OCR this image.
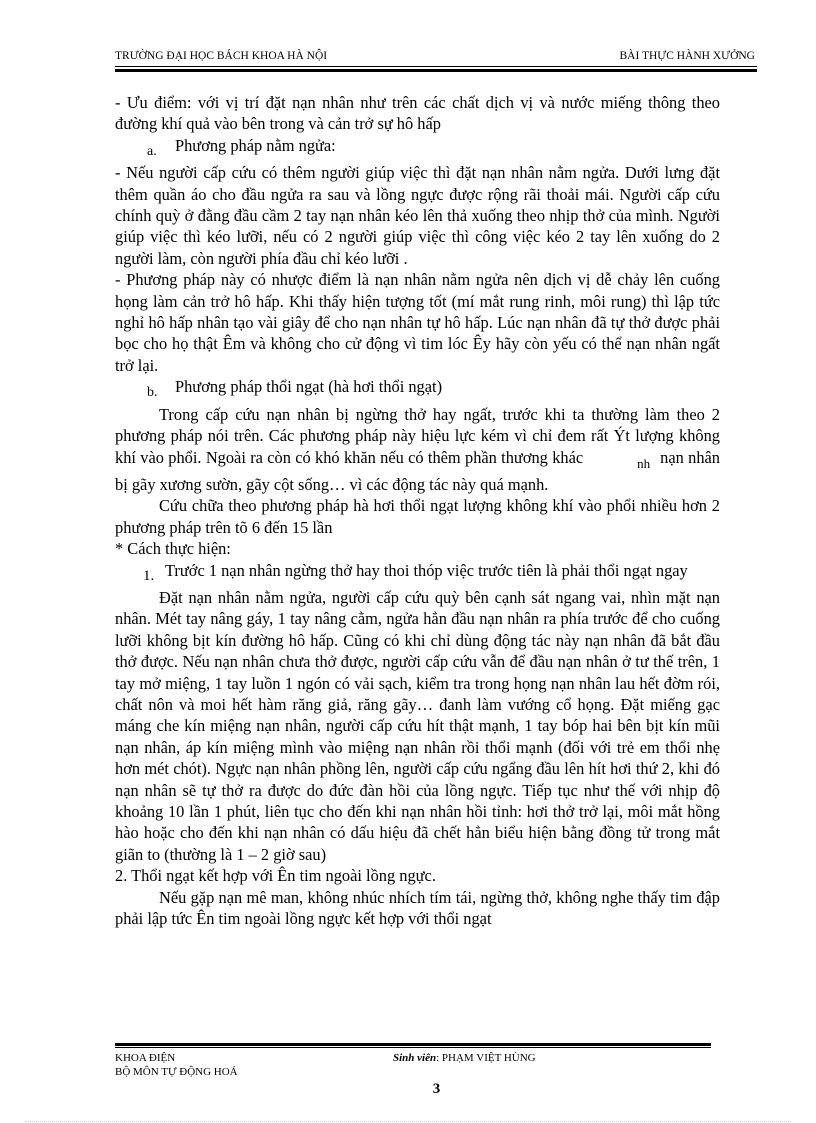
TRƯỜNG ĐẠI HỌC BÁCH KHOA HÀ NỘI	BÀI THỰC HÀNH XƯỞNG

- Ưu điểm: với vị trí đặt nạn nhân như trên các chất dịch vị và nước miếng thông theo đường khí quả vào bên trong và cản trở sự hô hấp

a. Phương pháp nằm ngửa:

- Nếu người cấp cứu có thêm người giúp việc thì đặt nạn nhân nằm ngửa. Dưới lưng đặt thêm quần áo cho đầu ngửa ra sau và lồng ngực được rộng rãi thoải mái. Người cấp cứu chính quỳ ở đằng đầu cầm 2 tay nạn nhân kéo lên thả xuống theo nhịp thở của mình. Người giúp việc thì kéo lưỡi, nếu có 2 người giúp việc thì công việc kéo 2 tay lên xuống do 2 người làm, còn người phía đầu chỉ kéo lưỡi .

- Phương pháp này có nhược điểm là nạn nhân nằm ngửa nên dịch vị dễ chảy lên cuống họng làm cản trở hô hấp. Khi thấy hiện tượng tốt (mí mắt rung rinh, môi rung) thì lập tức nghỉ hô hấp nhân tạo vài giây để cho nạn nhân tự hô hấp. Lúc nạn nhân đã tự thở được phải bọc cho họ thật Êm và không cho cử động vì tim lóc Êy hãy còn yếu có thể nạn nhân ngất trở lại.

b. Phương pháp thổi ngạt (hà hơi thổi ngạt)

Trong cấp cứu nạn nhân bị ngừng thở hay ngất, trước khi ta thường làm theo 2 phương pháp nói trên. Các phương pháp này hiệu lực kém vì chỉ đem rất Ýt lượng không khí vào phổi. Ngoài ra còn có khó khăn nếu có thêm phần thương khác	nh nạn nhân bị gãy xương sườn, gãy cột sống… vì các động tác này quá mạnh.

Cứu chữa theo phương pháp hà hơi thổi ngạt lượng không khí vào phổi nhiều hơn 2 phương pháp trên tõ 6 đến 15 lần

* Cách thực hiện:

1. Trước 1 nạn nhân ngừng thở hay thoi thóp việc trước tiên là phải thổi ngạt ngay

Đặt nạn nhân nằm ngửa, người cấp cứu quỳ bên cạnh sát ngang vai, nhìn mặt nạn nhân. Mét tay nâng gáy, 1 tay nâng cằm, ngửa hẳn đầu nạn nhân ra phía trước để cho cuống lưỡi không bịt kín đường hô hấp. Cũng có khi chỉ dùng động tác này nạn nhân đã bắt đầu thở được. Nếu nạn nhân chưa thở được, người cấp cứu vẫn để đầu nạn nhân ở tư thế trên, 1 tay mở miệng, 1 tay luồn 1 ngón có vải sạch, kiểm tra trong họng nạn nhân lau hết đờm rói, chất nôn và moi hết hàm răng giả, răng gãy… đanh làm vướng cổ họng. Đặt miếng gạc máng che kín miệng nạn nhân, người cấp cứu hít thật mạnh, 1 tay bóp hai bên bịt kín mũi nạn nhân, áp kín miệng mình vào miệng nạn nhân rồi thổi mạnh (đối với trẻ em thổi nhẹ hơn mét chót). Ngực nạn nhân phồng lên, người cấp cứu ngẩng đầu lên hít hơi thứ 2, khi đó nạn nhân sẽ tự thở ra được do đức đàn hồi của lồng ngực. Tiếp tục như thế với nhịp độ khoảng 10 lần 1 phút, liên tục cho đến khi nạn nhân hồi tỉnh: hơi thở trở lại, môi mắt hồng hào hoặc cho đến khi nạn nhân có dấu hiệu đã chết hẳn biểu hiện bằng đồng tử trong mắt giãn to (thường là 1 – 2 giờ sau)

2. Thổi ngạt kết hợp với Ên tim ngoài lồng ngực.

Nếu gặp nạn mê man, không nhúc nhích tím tái, ngừng thở, không nghe thấy tim đập phải lập tức Ên tim ngoài lồng ngực kết hợp với thổi ngạt

KHOA ĐIỆN
BỘ MÔN TỰ ĐỘNG HOÁ
Sinh viên: PHẠM VIỆT HÙNG
3
